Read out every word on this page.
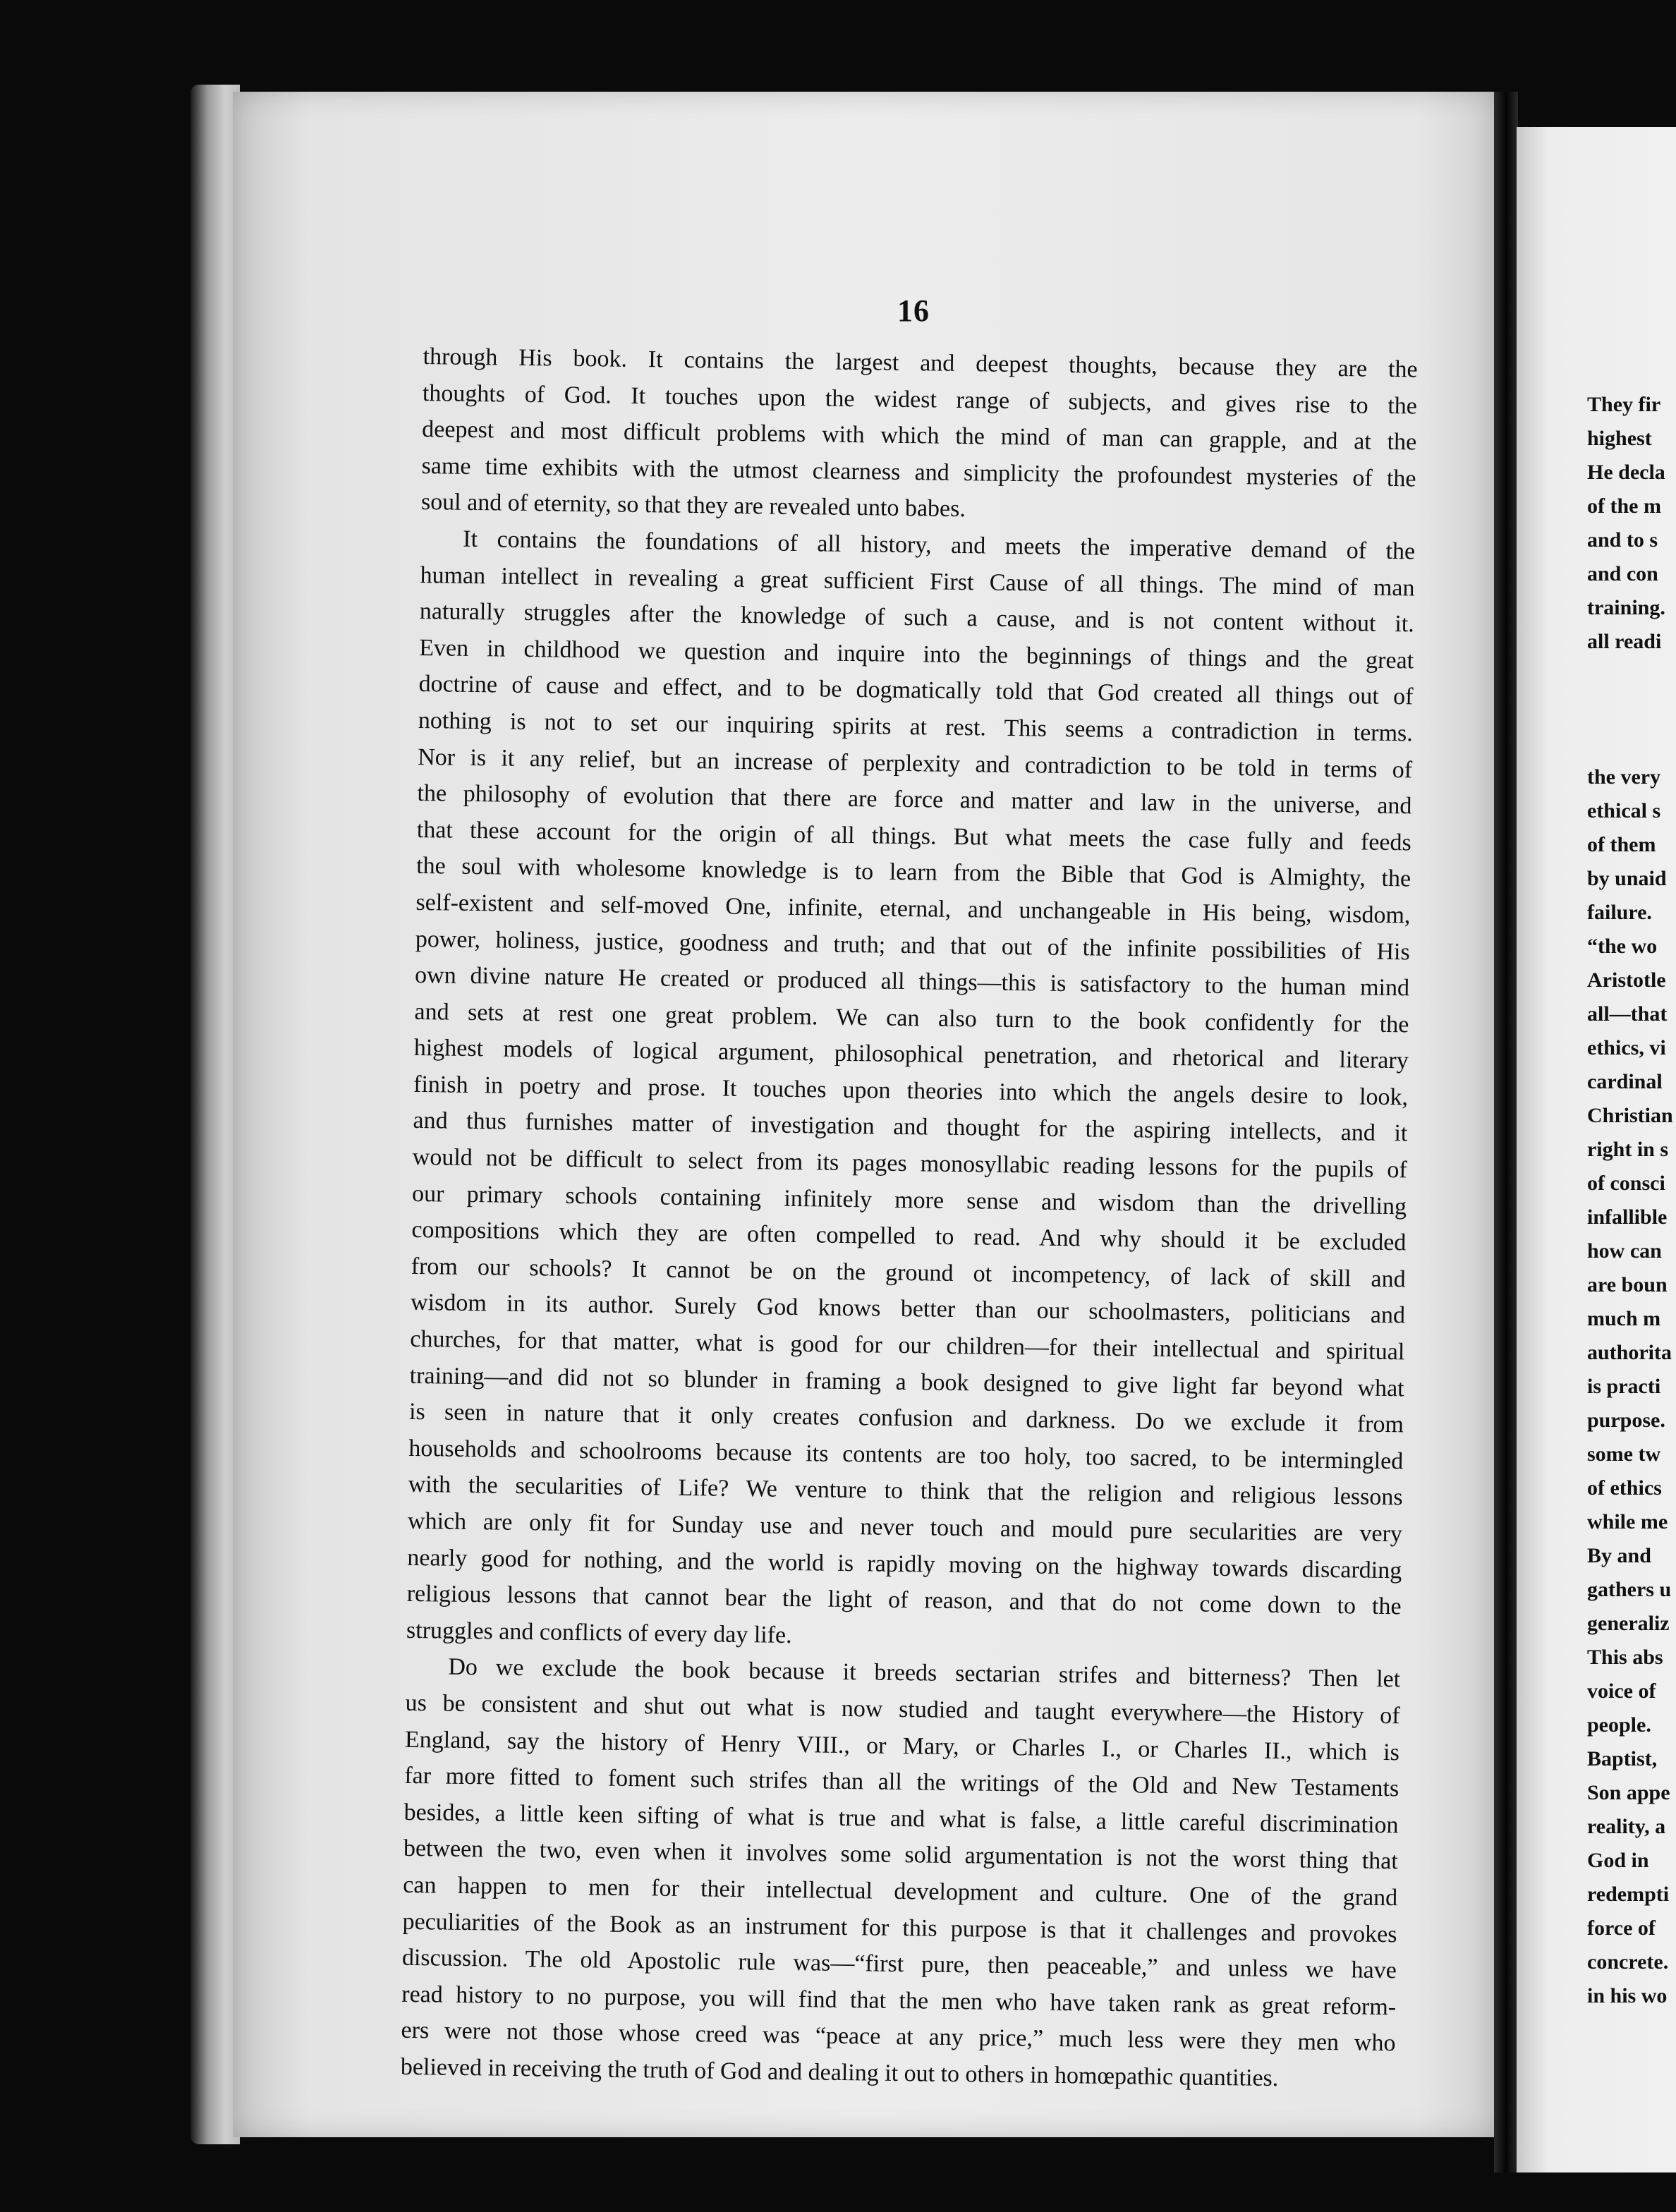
16

through His book. It contains the largest and deepest thoughts, because they are the
thoughts of God. It touches upon the widest range of subjects, and gives rise to the
deepest and most difficult problems with which the mind of man can grapple, and at the
same time exhibits with the utmost clearness and simplicity the profoundest mysteries of the
soul and of eternity, so that they are revealed unto babes.

It contains the foundations of all history, and meets the imperative demand of the
human intellect in revealing a great sufficient First Cause of all things. The mind of man
naturally struggles after the knowledge of such a cause, and is not content without it.
Even in childhood we question and inquire into the beginnings of things and the great
doctrine of cause and effect, and to be dogmatically told that God created all things out of
nothing is not to set our inquiring spirits at rest. This seems a contradiction in terms.
Nor is it any relief, but an increase of perplexity and contradiction to be told in terms of
the philosophy of evolution that there are force and matter and law in the universe, and
that these account for the origin of all things. But what meets the case fully and feeds
the soul with wholesome knowledge is to learn from the Bible that God is Almighty, the
self-existent and self-moved One, infinite, eternal, and unchangeable in His being, wisdom,
power, holiness, justice, goodness and truth; and that out of the infinite possibilities of His
own divine nature He created or produced all things—this is satisfactory to the human mind
and sets at rest one great problem. We can also turn to the book confidently for the
highest models of logical argument, philosophical penetration, and rhetorical and literary
finish in poetry and prose. It touches upon theories into which the angels desire to look,
and thus furnishes matter of investigation and thought for the aspiring intellects, and it
would not be difficult to select from its pages monosyllabic reading lessons for the pupils of
our primary schools containing infinitely more sense and wisdom than the drivelling
compositions which they are often compelled to read. And why should it be excluded
from our schools? It cannot be on the ground ot incompetency, of lack of skill and
wisdom in its author. Surely God knows better than our schoolmasters, politicians and
churches, for that matter, what is good for our children—for their intellectual and spiritual
training—and did not so blunder in framing a book designed to give light far beyond what
is seen in nature that it only creates confusion and darkness. Do we exclude it from
households and schoolrooms because its contents are too holy, too sacred, to be intermingled
with the secularities of Life? We venture to think that the religion and religious lessons
which are only fit for Sunday use and never touch and mould pure secularities are very
nearly good for nothing, and the world is rapidly moving on the highway towards discarding
religious lessons that cannot bear the light of reason, and that do not come down to the
struggles and conflicts of every day life.

Do we exclude the book because it breeds sectarian strifes and bitterness? Then let
us be consistent and shut out what is now studied and taught everywhere—the History of
England, say the history of Henry VIII., or Mary, or Charles I., or Charles II., which is
far more fitted to foment such strifes than all the writings of the Old and New Testaments
besides, a little keen sifting of what is true and what is false, a little careful discrimination
between the two, even when it involves some solid argumentation is not the worst thing that
can happen to men for their intellectual development and culture. One of the grand
peculiarities of the Book as an instrument for this purpose is that it challenges and provokes
discussion. The old Apostolic rule was—“first pure, then peaceable,” and unless we have
read history to no purpose, you will find that the men who have taken rank as great reform-
ers were not those whose creed was “peace at any price,” much less were they men who
believed in receiving the truth of God and dealing it out to others in homœpathic quantities.

They fir
highest
He decla
of the m
and to s
and con
training.
all readi

the very
ethical s
of them
by unaid
failure.
“the wo
Aristotle
all—that
ethics, vi
cardinal
Christian
right in s
of consci
infallible
how can
are boun
much m
authorita
is practi
purpose.
some tw
of ethics
while me
By and
gathers u
generaliz
This abs
voice of
people.
Baptist,
Son appe
reality, a
God in
redempti
force of
concrete.
in his wo
